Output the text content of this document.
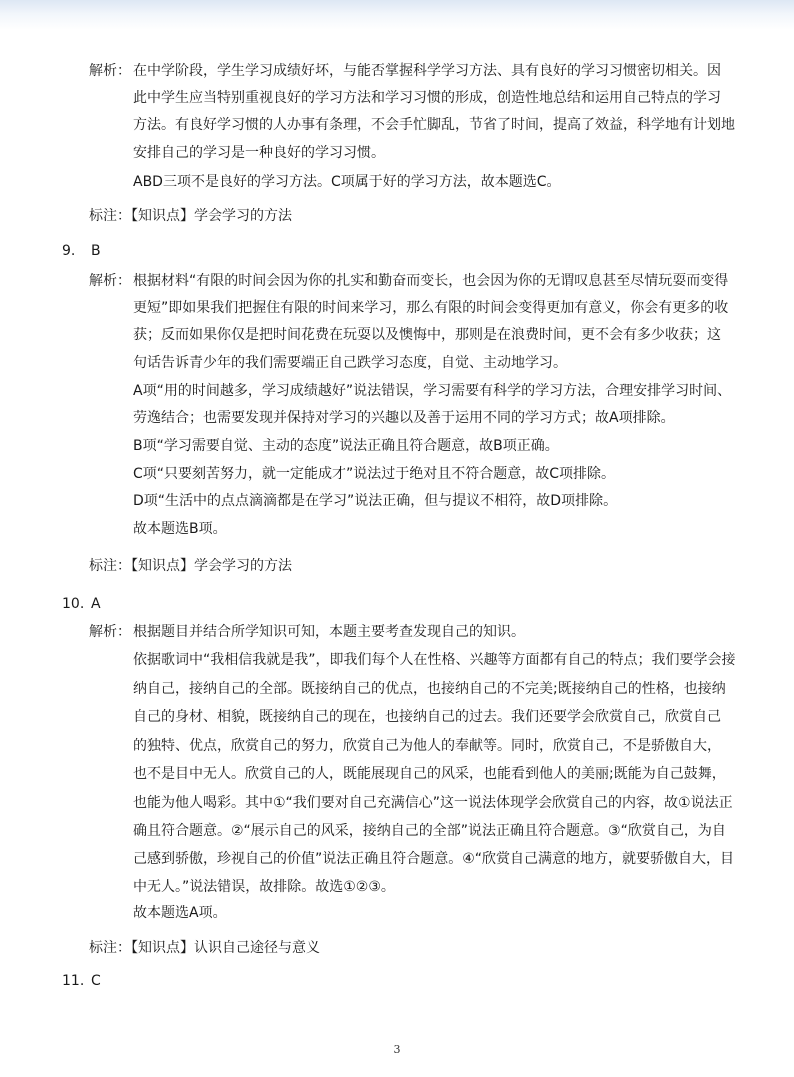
解析： 在中学阶段，学生学习成绩好坏，与能否掌握科学学习方法、具有良好的学习习惯密切相关。因
此中学生应当特别重视良好的学习方法和学习习惯的形成，创造性地总结和运用自己特点的学习
方法。有良好学习惯的人办事有条理，不会手忙脚乱，节省了时间，提高了效益，科学地有计划地
安排自己的学习是一种良好的学习习惯。
ABD三项不是良好的学习方法。C项属于好的学习方法，故本题选C。
标注：【知识点】学会学习的方法
9. B
解析： 根据材料“有限的时间会因为你的扎实和勤奋而变长，也会因为你的无谓叹息甚至尽情玩耍而变得
更短”即如果我们把握住有限的时间来学习，那么有限的时间会变得更加有意义，你会有更多的收
获；反而如果你仅是把时间花费在玩耍以及懊悔中，那则是在浪费时间，更不会有多少收获；这
句话告诉青少年的我们需要端正自己跌学习态度，自觉、主动地学习。
A项“用的时间越多，学习成绩越好”说法错误，学习需要有科学的学习方法，合理安排学习时间、
劳逸结合；也需要发现并保持对学习的兴趣以及善于运用不同的学习方式；故A项排除。
B项“学习需要自觉、主动的态度”说法正确且符合题意，故B项正确。
C项“只要刻苦努力，就一定能成才”说法过于绝对且不符合题意，故C项排除。
D项“生活中的点点滴滴都是在学习”说法正确，但与提议不相符，故D项排除。
故本题选B项。
标注：【知识点】学会学习的方法
10. A
解析： 根据题目并结合所学知识可知，本题主要考查发现自己的知识。
依据歌词中“我相信我就是我”，即我们每个人在性格、兴趣等方面都有自己的特点；我们要学会接
纳自己，接纳自己的全部。既接纳自己的优点，也接纳自己的不完美;既接纳自己的性格，也接纳
自己的身材、相貌，既接纳自己的现在，也接纳自己的过去。我们还要学会欣赏自己，欣赏自己
的独特、优点，欣赏自己的努力，欣赏自己为他人的奉献等。同时，欣赏自己，不是骄傲自大，
也不是目中无人。欣赏自己的人，既能展现自己的风采，也能看到他人的美丽;既能为自己鼓舞，
也能为他人喝彩。其中①“我们要对自己充满信心”这一说法体现学会欣赏自己的内容，故①说法正
确且符合题意。②“展示自己的风采，接纳自己的全部”说法正确且符合题意。③“欣赏自己，为自
己感到骄傲，珍视自己的价值”说法正确且符合题意。④“欣赏自己满意的地方，就要骄傲自大，目
中无人。”说法错误，故排除。故选①②③。
故本题选A项。
标注：【知识点】认识自己途径与意义
11. C
3
